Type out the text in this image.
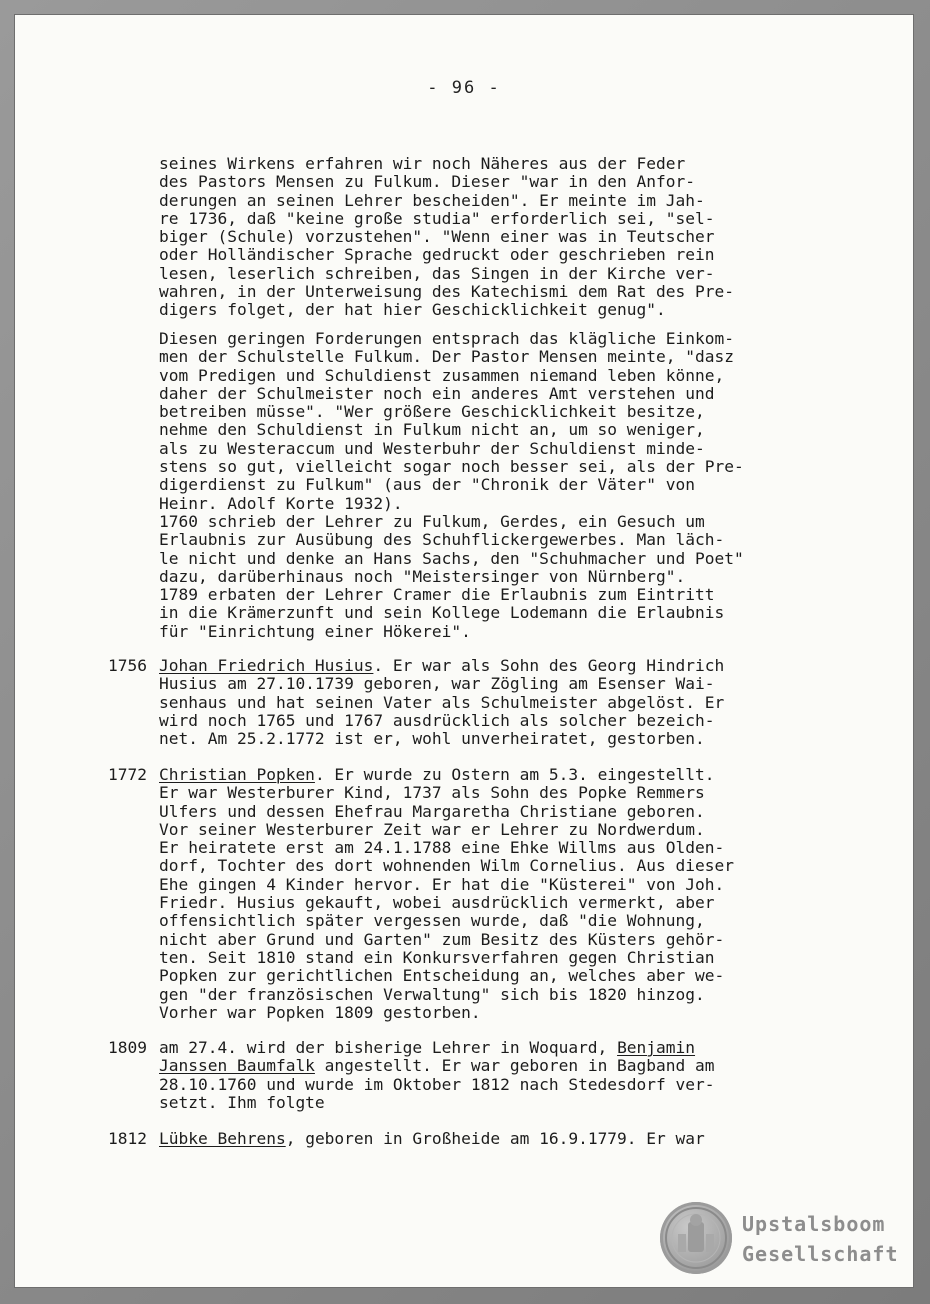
- 96 -
seines Wirkens erfahren wir noch Näheres aus der Feder
des Pastors Mensen zu Fulkum. Dieser "war in den Anfor-
derungen an seinen Lehrer bescheiden". Er meinte im Jah-
re 1736, daß "keine große studia" erforderlich sei, "sel-
biger (Schule) vorzustehen". "Wenn einer was in Teutscher
oder Holländischer Sprache gedruckt oder geschrieben rein
lesen, leserlich schreiben, das Singen in der Kirche ver-
wahren, in der Unterweisung des Katechismi dem Rat des Pre-
digers folget, der hat hier Geschicklichkeit genug".
Diesen geringen Forderungen entsprach das klägliche Einkom-
men der Schulstelle Fulkum. Der Pastor Mensen meinte, "dasz
vom Predigen und Schuldienst zusammen niemand leben könne,
daher der Schulmeister noch ein anderes Amt verstehen und
betreiben müsse". "Wer größere Geschicklichkeit besitze,
nehme den Schuldienst in Fulkum nicht an, um so weniger,
als zu Westeraccum und Westerbuhr der Schuldienst minde-
stens so gut, vielleicht sogar noch besser sei, als der Pre-
digerdienst zu Fulkum" (aus der "Chronik der Väter" von
Heinr. Adolf Korte 1932).
1760 schrieb der Lehrer zu Fulkum, Gerdes, ein Gesuch um
Erlaubnis zur Ausübung des Schuhflickergewerbes. Man läch-
le nicht und denke an Hans Sachs, den "Schuhmacher und Poet"
dazu, darüberhinaus noch "Meistersinger von Nürnberg".
1789 erbaten der Lehrer Cramer die Erlaubnis zum Eintritt
in die Krämerzunft und sein Kollege Lodemann die Erlaubnis
für "Einrichtung einer Hökerei".
1756 Johan Friedrich Husius. Er war als Sohn des Georg Hindrich
Husius am 27.10.1739 geboren, war Zögling am Esenser Wai-
senhaus und hat seinen Vater als Schulmeister abgelöst. Er
wird noch 1765 und 1767 ausdrücklich als solcher bezeich-
net. Am 25.2.1772 ist er, wohl unverheiratet, gestorben.
1772 Christian Popken. Er wurde zu Ostern am 5.3. eingestellt.
Er war Westerburer Kind, 1737 als Sohn des Popke Remmers
Ulfers und dessen Ehefrau Margaretha Christiane geboren.
Vor seiner Westerburer Zeit war er Lehrer zu Nordwerdum.
Er heiratete erst am 24.1.1788 eine Ehke Willms aus Olden-
dorf, Tochter des dort wohnenden Wilm Cornelius. Aus dieser
Ehe gingen 4 Kinder hervor. Er hat die "Küsterei" von Joh.
Friedr. Husius gekauft, wobei ausdrücklich vermerkt, aber
offensichtlich später vergessen wurde, daß "die Wohnung,
nicht aber Grund und Garten" zum Besitz des Küsters gehör-
ten. Seit 1810 stand ein Konkursverfahren gegen Christian
Popken zur gerichtlichen Entscheidung an, welches aber we-
gen "der französischen Verwaltung" sich bis 1820 hinzog.
Vorher war Popken 1809 gestorben.
1809 am 27.4. wird der bisherige Lehrer in Woquard, Benjamin
Janssen Baumfalk angestellt. Er war geboren in Bagband am
28.10.1760 und wurde im Oktober 1812 nach Stedesdorf ver-
setzt. Ihm folgte
1812 Lübke Behrens, geboren in Großheide am 16.9.1779. Er war
Upstalsboom
Gesellschaft
